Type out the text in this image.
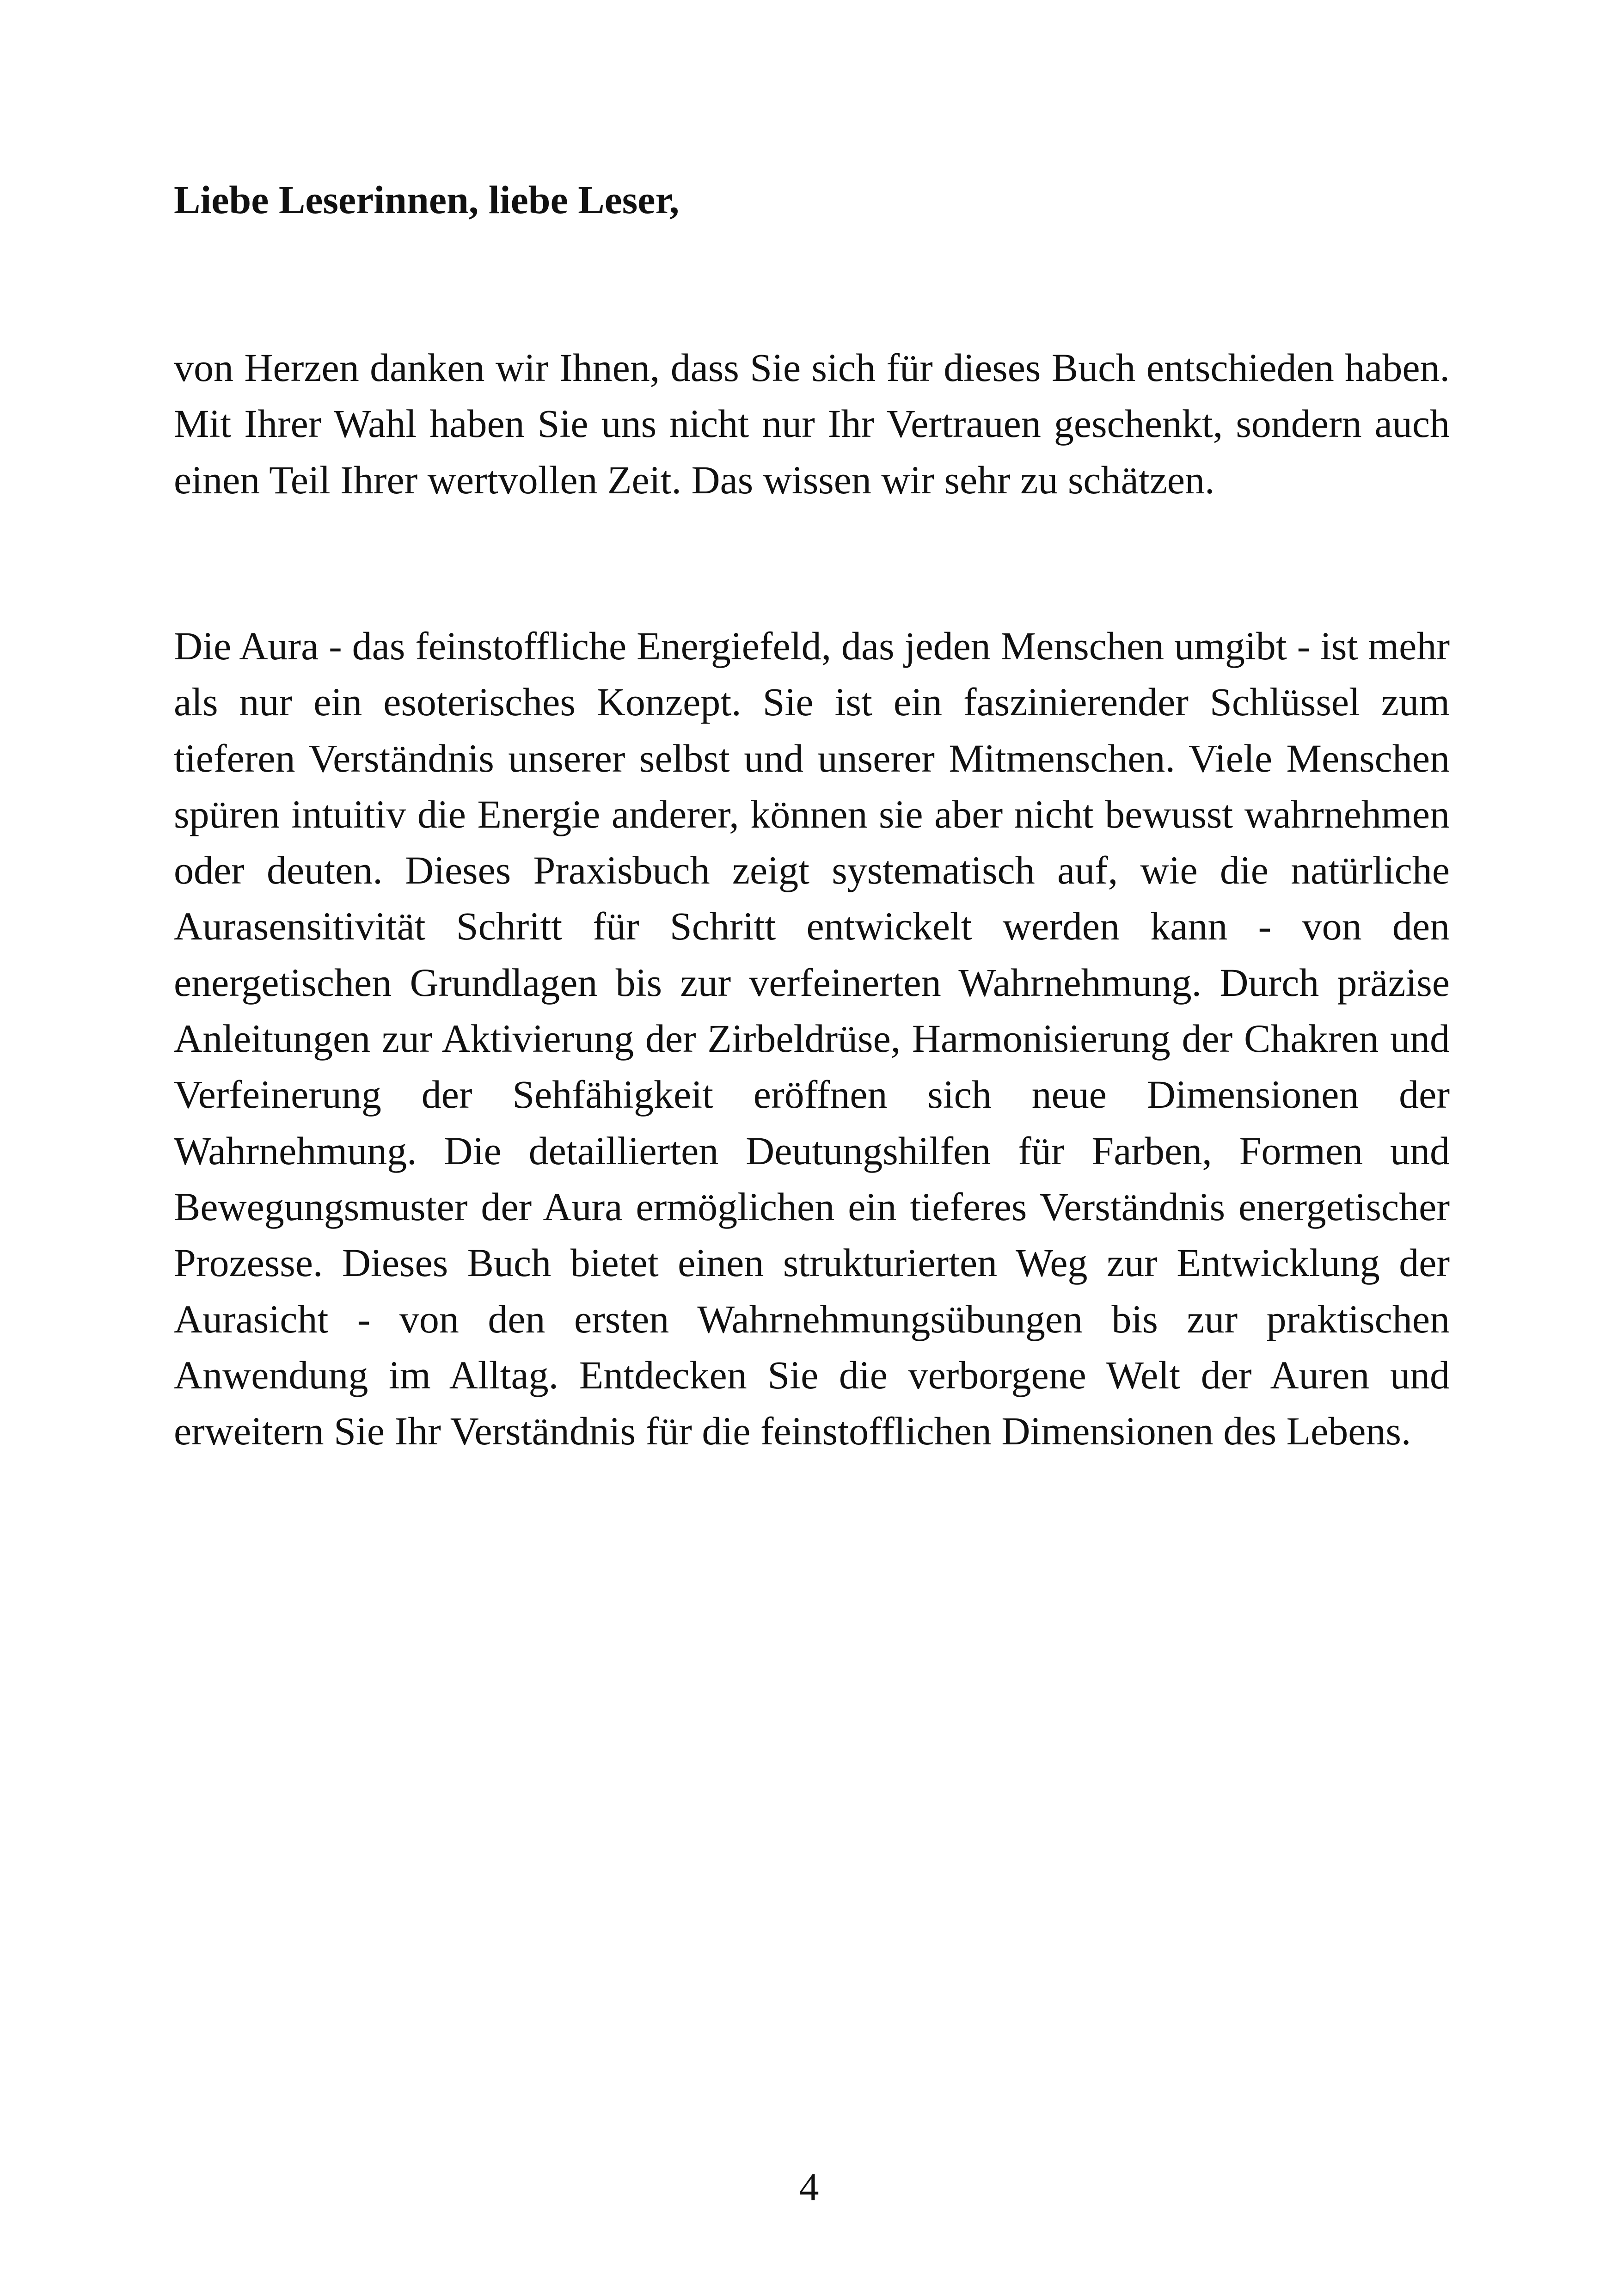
Liebe Leserinnen, liebe Leser,

von Herzen danken wir Ihnen, dass Sie sich für dieses Buch entschieden haben. Mit Ihrer Wahl haben Sie uns nicht nur Ihr Vertrauen geschenkt, sondern auch einen Teil Ihrer wertvollen Zeit. Das wissen wir sehr zu schätzen.

Die Aura - das feinstoffliche Energiefeld, das jeden Menschen umgibt - ist mehr als nur ein esoterisches Konzept. Sie ist ein faszinierender Schlüssel zum tieferen Verständnis unserer selbst und unserer Mitmenschen. Viele Menschen spüren intuitiv die Energie anderer, können sie aber nicht bewusst wahrnehmen oder deuten. Dieses Praxisbuch zeigt systematisch auf, wie die natürliche Aurasensitivität Schritt für Schritt entwickelt werden kann - von den energetischen Grundlagen bis zur verfeinerten Wahrnehmung. Durch präzise Anleitungen zur Aktivierung der Zirbeldrüse, Harmonisierung der Chakren und Verfeinerung der Sehfähigkeit eröffnen sich neue Dimensionen der Wahrnehmung. Die detaillierten Deutungshilfen für Farben, Formen und Bewegungsmuster der Aura ermöglichen ein tieferes Verständnis energetischer Prozesse. Dieses Buch bietet einen strukturierten Weg zur Entwicklung der Aurasicht - von den ersten Wahrnehmungsübungen bis zur praktischen Anwendung im Alltag. Entdecken Sie die verborgene Welt der Auren und erweitern Sie Ihr Verständnis für die feinstofflichen Dimensionen des Lebens.

4
